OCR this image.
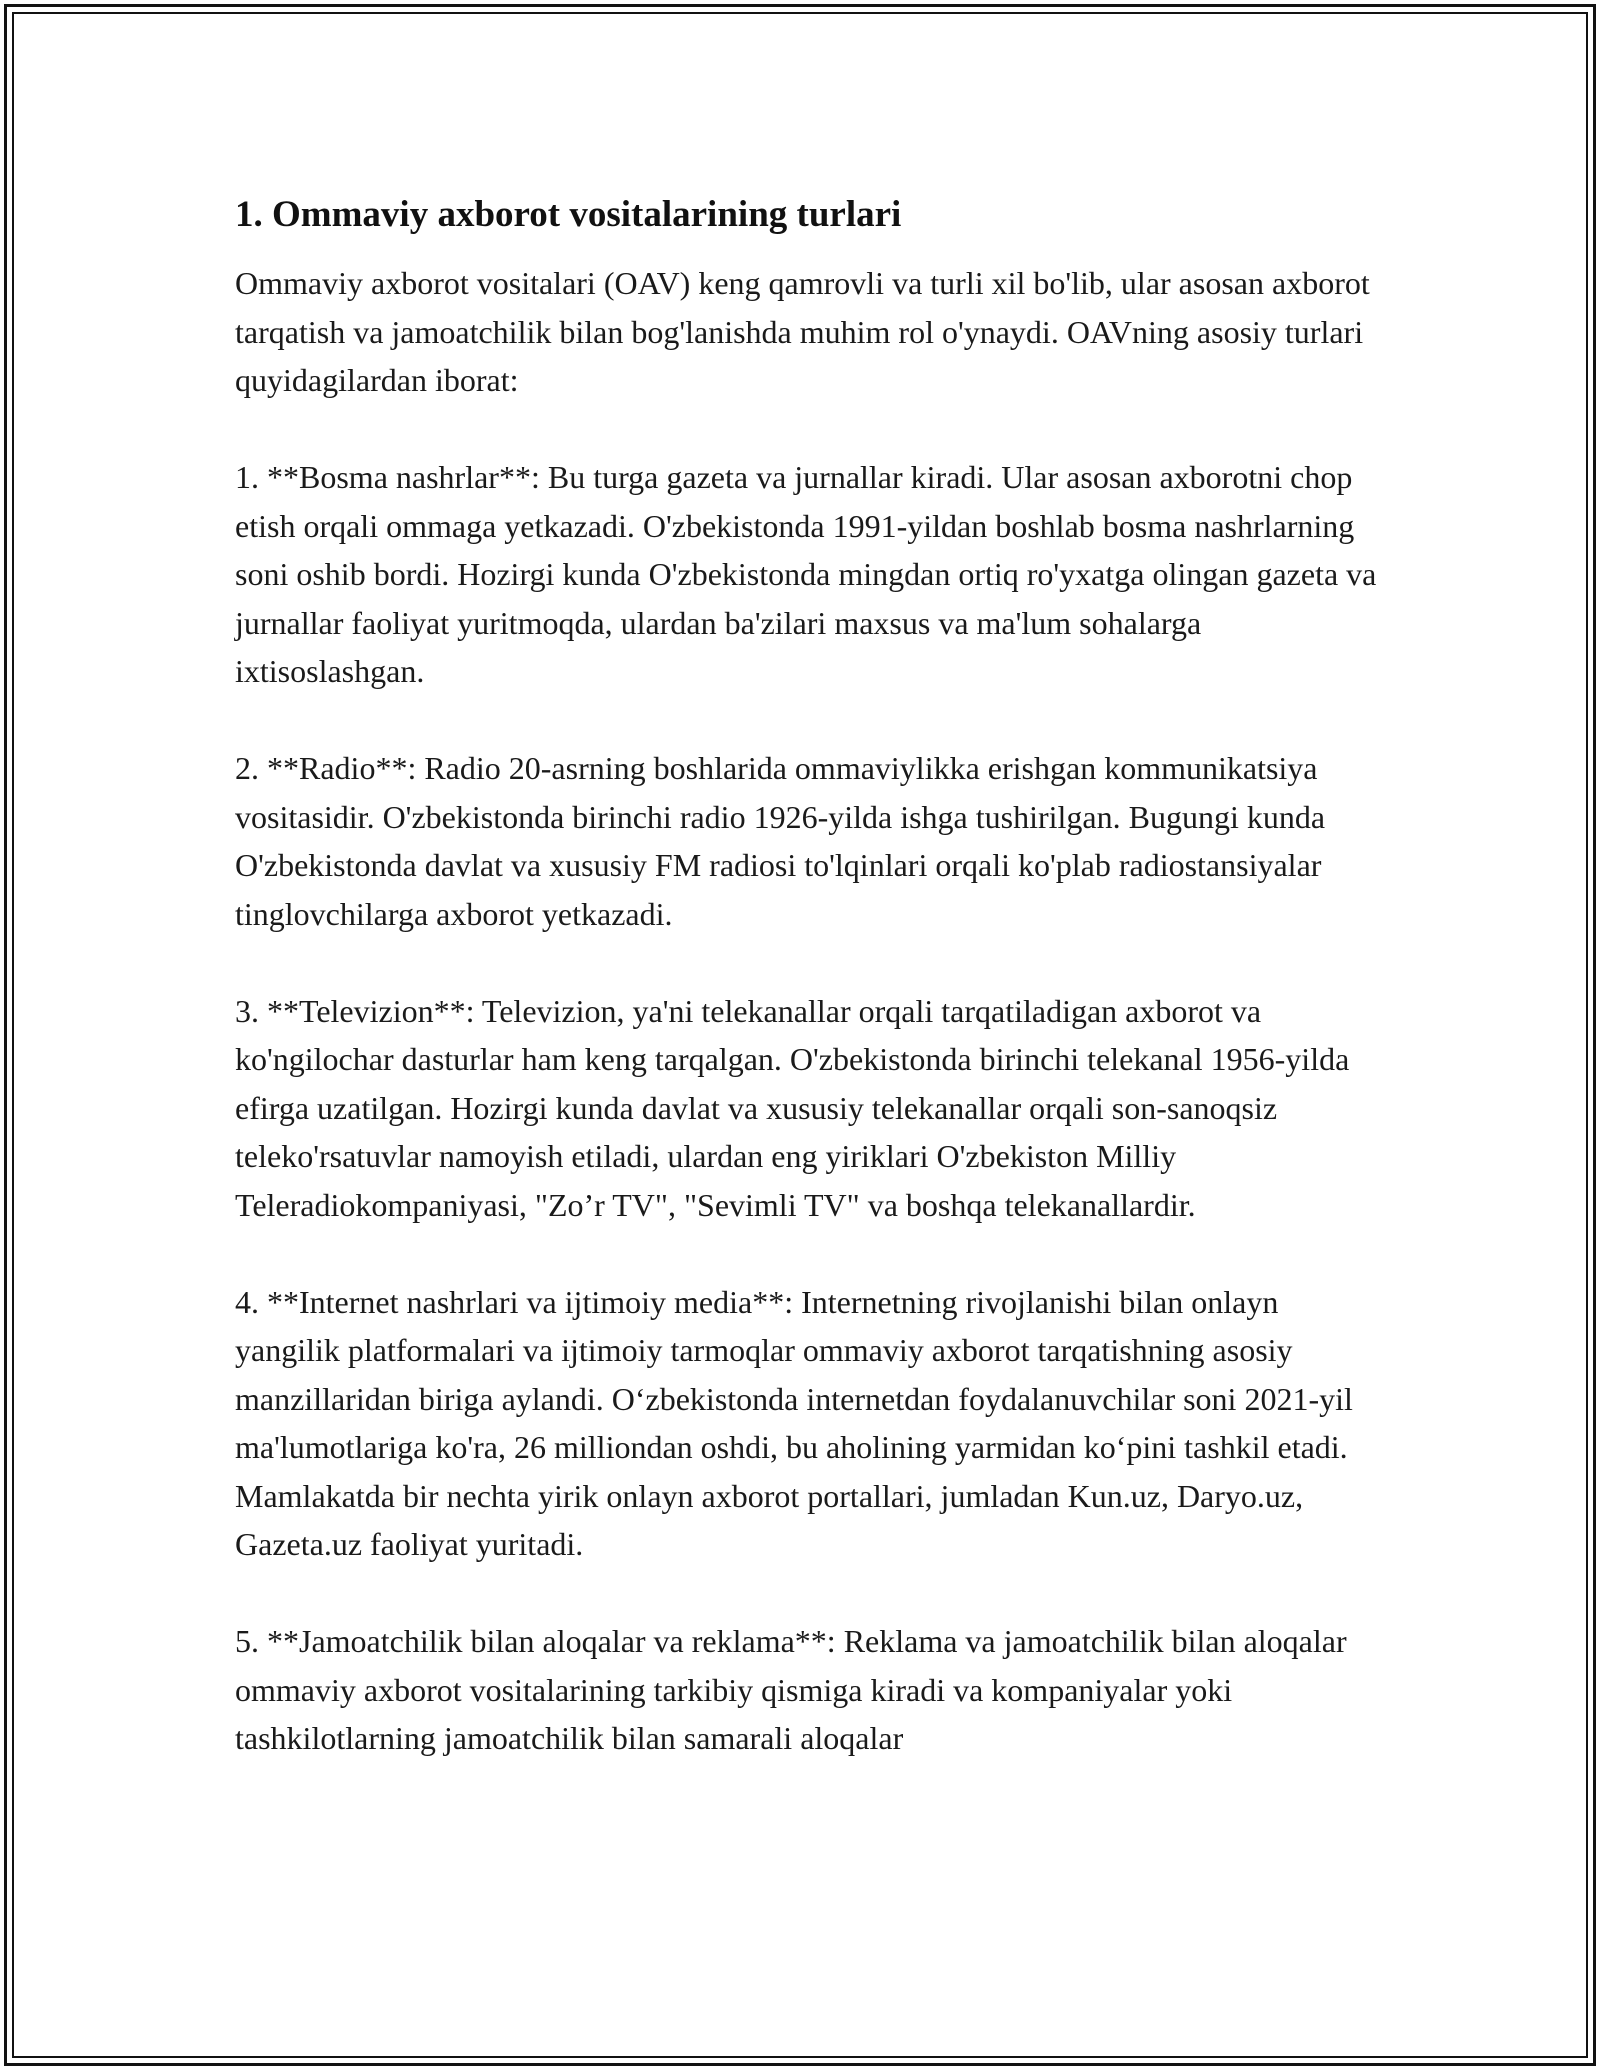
1. Ommaviy axborot vositalarining turlari

Ommaviy axborot vositalari (OAV) keng qamrovli va turli xil bo'lib, ular asosan axborot tarqatish va jamoatchilik bilan bog'lanishda muhim rol o'ynaydi. OAVning asosiy turlari quyidagilardan iborat:

1. **Bosma nashrlar**: Bu turga gazeta va jurnallar kiradi. Ular asosan axborotni chop etish orqali ommaga yetkazadi. O'zbekistonda 1991-yildan boshlab bosma nashrlarning soni oshib bordi. Hozirgi kunda O'zbekistonda mingdan ortiq ro'yxatga olingan gazeta va jurnallar faoliyat yuritmoqda, ulardan ba'zilari maxsus va ma'lum sohalarga ixtisoslashgan.

2. **Radio**: Radio 20-asrning boshlarida ommaviylikka erishgan kommunikatsiya vositasidir. O'zbekistonda birinchi radio 1926-yilda ishga tushirilgan. Bugungi kunda O'zbekistonda davlat va xususiy FM radiosi to'lqinlari orqali ko'plab radiostansiyalar tinglovchilarga axborot yetkazadi.

3. **Televizion**: Televizion, ya'ni telekanallar orqali tarqatiladigan axborot va ko'ngilochar dasturlar ham keng tarqalgan. O'zbekistonda birinchi telekanal 1956-yilda efirga uzatilgan. Hozirgi kunda davlat va xususiy telekanallar orqali son-sanoqsiz teleko'rsatuvlar namoyish etiladi, ulardan eng yiriklari O'zbekiston Milliy Teleradiokompaniyasi, "Zo’r TV", "Sevimli TV" va boshqa telekanallardir.

4. **Internet nashrlari va ijtimoiy media**: Internetning rivojlanishi bilan onlayn yangilik platformalari va ijtimoiy tarmoqlar ommaviy axborot tarqatishning asosiy manzillaridan biriga aylandi. O‘zbekistonda internetdan foydalanuvchilar soni 2021-yil ma'lumotlariga ko'ra, 26 milliondan oshdi, bu aholining yarmidan ko‘pini tashkil etadi. Mamlakatda bir nechta yirik onlayn axborot portallari, jumladan Kun.uz, Daryo.uz, Gazeta.uz faoliyat yuritadi.

5. **Jamoatchilik bilan aloqalar va reklama**: Reklama va jamoatchilik bilan aloqalar ommaviy axborot vositalarining tarkibiy qismiga kiradi va kompaniyalar yoki tashkilotlarning jamoatchilik bilan samarali aloqalar
